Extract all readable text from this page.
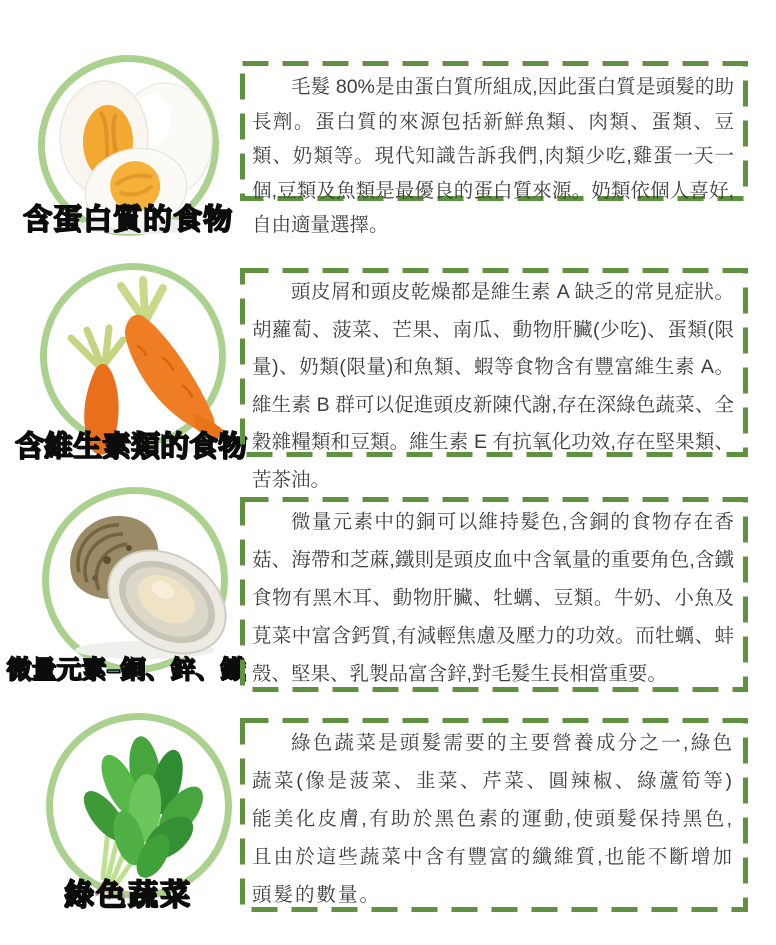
含蛋白質的食物

毛髮 80%是由蛋白質所組成,因此蛋白質是頭髮的助長劑。蛋白質的來源包括新鮮魚類、肉類、蛋類、豆類、奶類等。現代知識告訴我們,肉類少吃,雞蛋一天一個,豆類及魚類是最優良的蛋白質來源。奶類依個人喜好,自由適量選擇。

含維生素類的食物

頭皮屑和頭皮乾燥都是維生素 A 缺乏的常見症狀。胡蘿蔔、菠菜、芒果、南瓜、動物肝臟(少吃)、蛋類(限量)、奶類(限量)和魚類、蝦等食物含有豐富維生素 A。維生素 B 群可以促進頭皮新陳代謝,存在深綠色蔬菜、全穀雜糧類和豆類。維生素 E 有抗氧化功效,存在堅果類、苦茶油。

微量元素–銅、鋅、鐵

微量元素中的銅可以維持髮色,含銅的食物存在香菇、海帶和芝蔴,鐵則是頭皮血中含氧量的重要角色,含鐵食物有黑木耳、動物肝臟、牡蠣、豆類。牛奶、小魚及莧菜中富含鈣質,有減輕焦慮及壓力的功效。而牡蠣、蚌殼、堅果、乳製品富含鋅,對毛髮生長相當重要。

綠色蔬菜

綠色蔬菜是頭髮需要的主要營養成分之一,綠色蔬菜(像是菠菜、韭菜、芹菜、圓辣椒、綠蘆筍等)能美化皮膚,有助於黑色素的運動,使頭髮保持黑色,且由於這些蔬菜中含有豐富的纖維質,也能不斷增加頭髮的數量。
